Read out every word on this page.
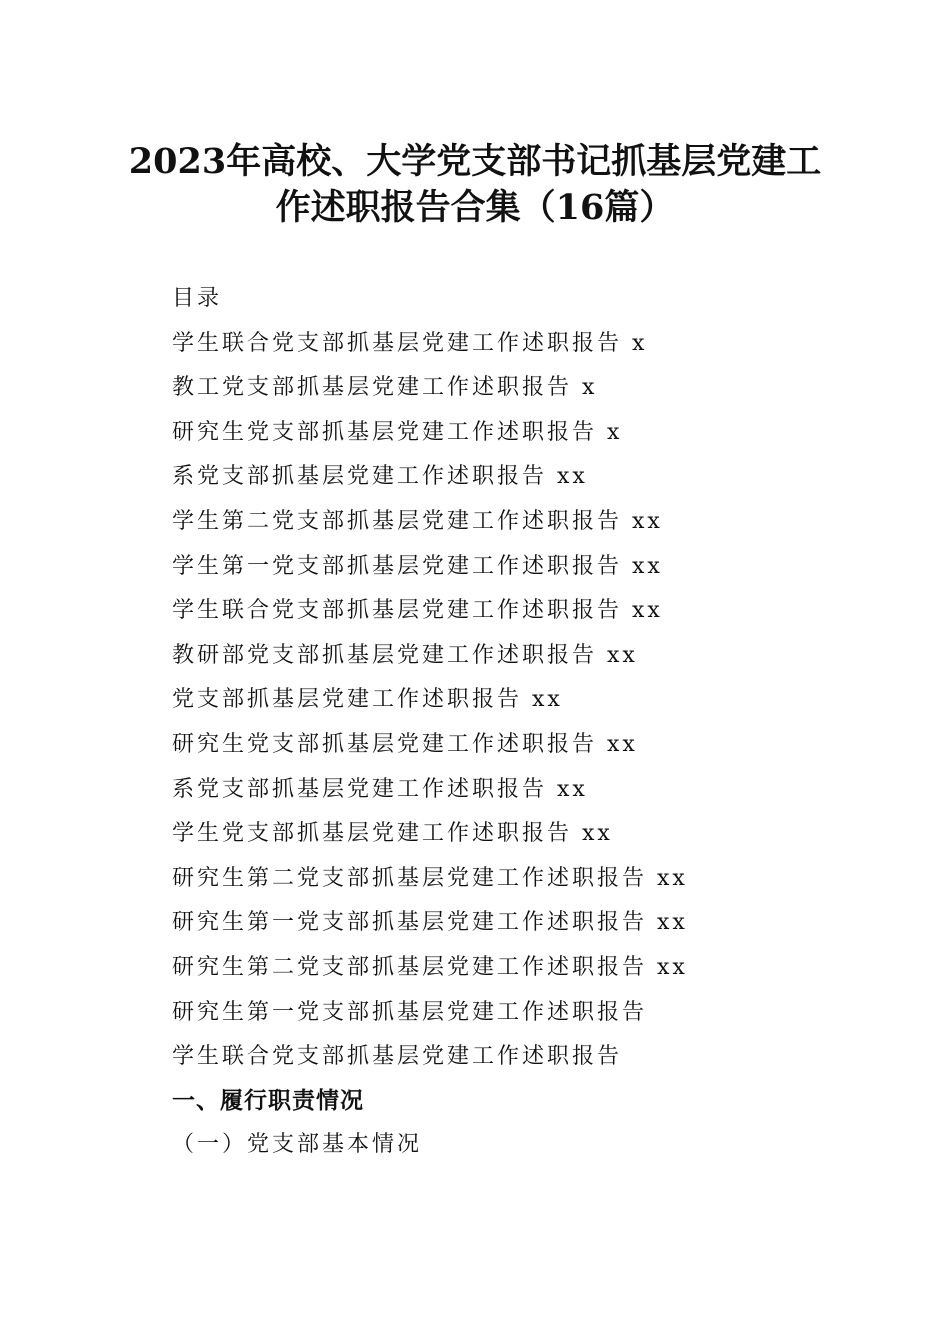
2023年高校、大学党支部书记抓基层党建工
作述职报告合集（16篇）
目录
学生联合党支部抓基层党建工作述职报告 x
教工党支部抓基层党建工作述职报告 x
研究生党支部抓基层党建工作述职报告 x
系党支部抓基层党建工作述职报告 xx
学生第二党支部抓基层党建工作述职报告 xx
学生第一党支部抓基层党建工作述职报告 xx
学生联合党支部抓基层党建工作述职报告 xx
教研部党支部抓基层党建工作述职报告 xx
党支部抓基层党建工作述职报告 xx
研究生党支部抓基层党建工作述职报告 xx
系党支部抓基层党建工作述职报告 xx
学生党支部抓基层党建工作述职报告 xx
研究生第二党支部抓基层党建工作述职报告 xx
研究生第一党支部抓基层党建工作述职报告 xx
研究生第二党支部抓基层党建工作述职报告 xx
研究生第一党支部抓基层党建工作述职报告
学生联合党支部抓基层党建工作述职报告
一、履行职责情况
（一）党支部基本情况
